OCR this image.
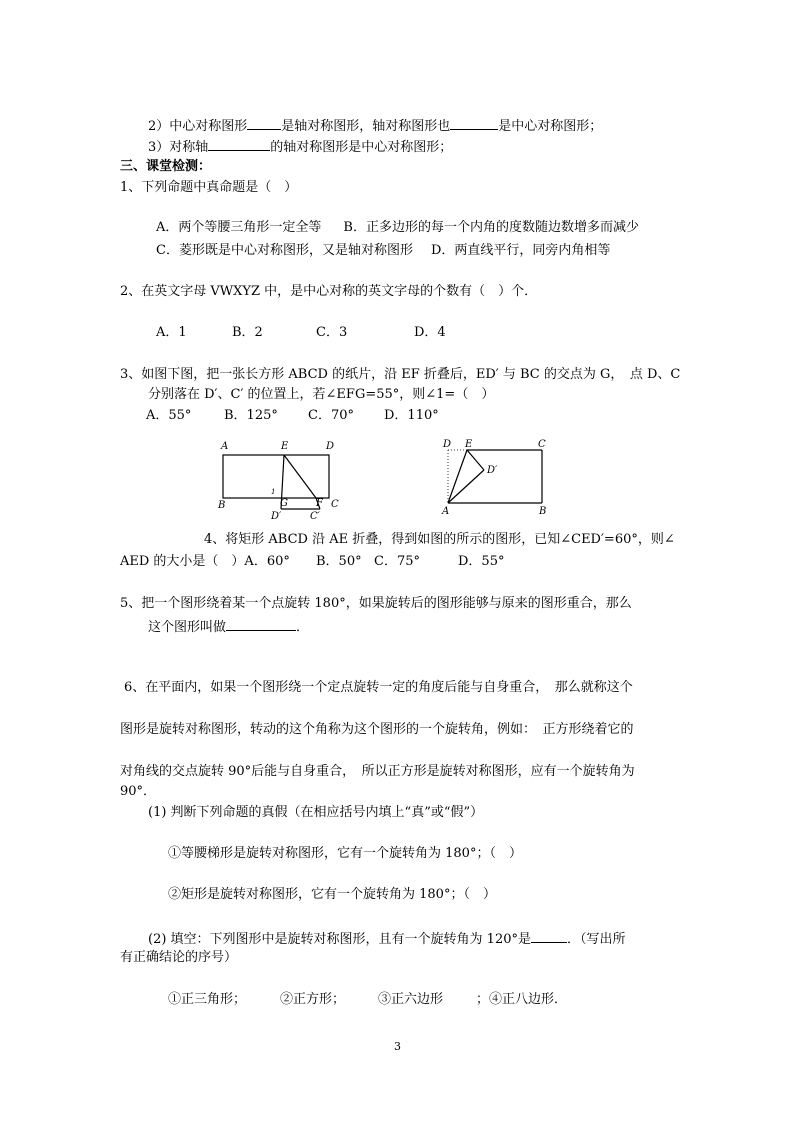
2）中心对称图形	是轴对称图形，轴对称图形也	是中心对称图形；
3）对称轴	的轴对称图形是中心对称图形；
三、课堂检测：
1、下列命题中真命题是（　）
A．两个等腰三角形一定全等 B．正多边形的每一个内角的度数随边数增多而减少
C．菱形既是中心对称图形，又是轴对称图形 D．两直线平行，同旁内角相等
2、在英文字母 VWXYZ 中，是中心对称的英文字母的个数有（　）个．
A．1	B．2	C．3	D．4
3、如图下图，把一张长方形 ABCD 的纸片，沿 EF 折叠后，ED′ 与 BC 的交点为 G，　点 D、C
分别落在 D′、C′ 的位置上，若∠EFG=55°，则∠1=（　）
A．55°	B．125° C．70° D．110°
A	E	D
B
1
G	F C
D′	C′
D E	C
D′
A	B
4、将矩形 ABCD 沿 AE 折叠，得到如图的所示的图形，已知∠CED′=60°，则∠
AED 的大小是（　）A．60° B．50° C．75°	D．55°
5、把一个图形绕着某一个点旋转 180°，如果旋转后的图形能够与原来的图形重合，那么
这个图形叫做	．
6、在平面内，如果一个图形绕一个定点旋转一定的角度后能与自身重合，　那么就称这个
图形是旋转对称图形，转动的这个角称为这个图形的一个旋转角，例如：　正方形绕着它的
对角线的交点旋转 90°后能与自身重合，　所以正方形是旋转对称图形，应有一个旋转角为
90°．
(1) 判断下列命题的真假（在相应括号内填上“真”或“假”）
①等腰梯形是旋转对称图形，它有一个旋转角为 180°；（　）
②矩形是旋转对称图形，它有一个旋转角为 180°；（　）
(2) 填空：下列图形中是旋转对称图形，且有一个旋转角为 120°是	．（写出所
有正确结论的序号）
①正三角形；	②正方形；	③正六边形	；④正八边形．
3
